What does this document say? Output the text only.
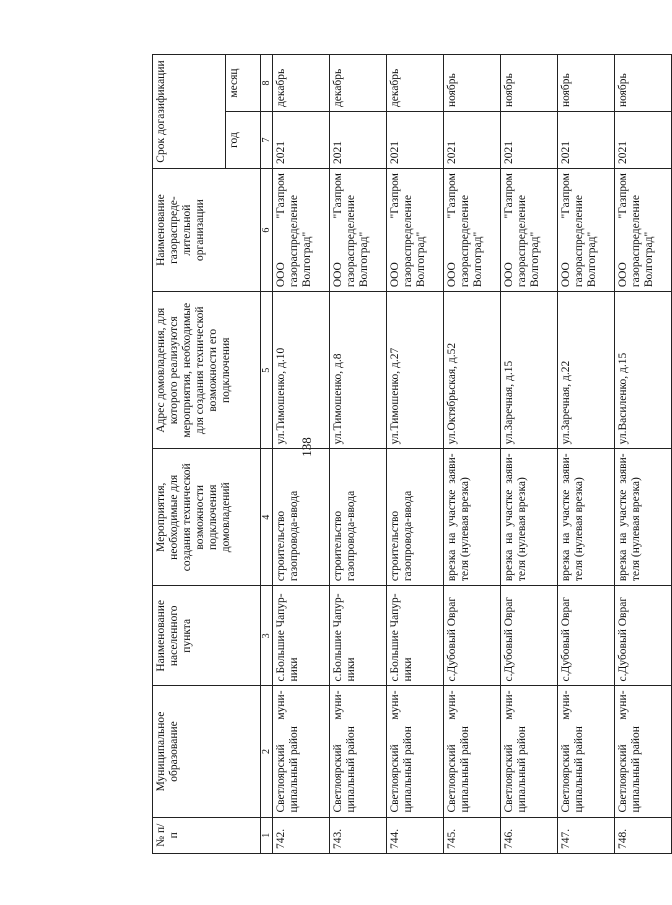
138
№ п/п	Муниципальное образование	Наименование населенного пункта	Мероприятия, необходимые для создания технической возможности подключения домовладений	Адрес домовладения, для которого реализуются мероприятия, необходимые для создания технической возможности его подключения	Наименование газораспреде-лительной организации	Срок догазификации	
						год	месяц
1	2	3	4	5	6	7	8
742.	Светлоярский муни-ципальный район	с.Большие Чапур-ники	строительство газопровода-ввода	ул.Тимошенко, д.10	ООО "Газпром газораспределение Волгоград"	2021	декабрь
743.	Светлоярский муни-ципальный район	с.Большие Чапур-ники	строительство газопровода-ввода	ул.Тимошенко, д.8	ООО "Газпром газораспределение Волгоград"	2021	декабрь
744.	Светлоярский муни-ципальный район	с.Большие Чапур-ники	строительство газопровода-ввода	ул.Тимошенко, д.27	ООО "Газпром газораспределение Волгоград"	2021	декабрь
745.	Светлоярский муни-ципальный район	с.Дубовый Овраг	врезка на участке заяви-теля (нулевая врезка)	ул.Октябрьская, д.52	ООО "Газпром газораспределение Волгоград"	2021	ноябрь
746.	Светлоярский муни-ципальный район	с.Дубовый Овраг	врезка на участке заяви-теля (нулевая врезка)	ул.Заречная, д.15	ООО "Газпром газораспределение Волгоград"	2021	ноябрь
747.	Светлоярский муни-ципальный район	с.Дубовый Овраг	врезка на участке заяви-теля (нулевая врезка)	ул.Заречная, д.22	ООО "Газпром газораспределение Волгоград"	2021	ноябрь
748.	Светлоярский муни-ципальный район	с.Дубовый Овраг	врезка на участке заяви-теля (нулевая врезка)	ул.Василенко, д.15	ООО "Газпром газораспределение Волгоград"	2021	ноябрь
